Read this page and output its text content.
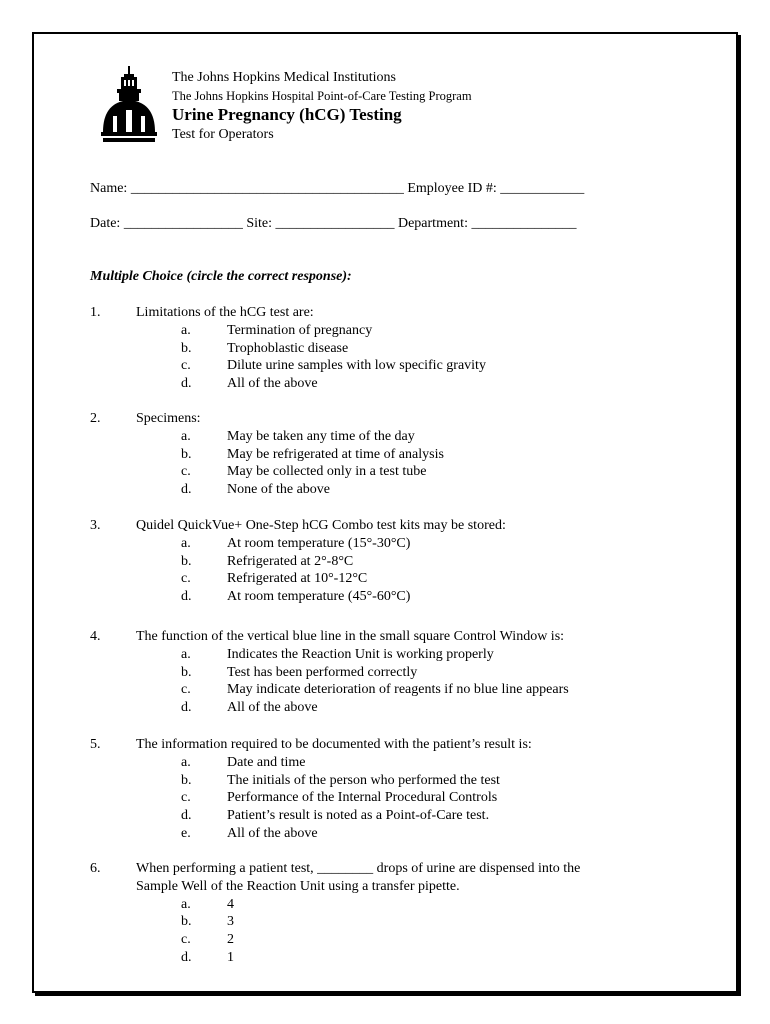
The Johns Hopkins Medical Institutions
The Johns Hopkins Hospital Point-of-Care Testing Program
Urine Pregnancy (hCG) Testing
Test for Operators
Name: _______________________________________ Employee ID #: ____________
Date: _________________ Site: _________________ Department: _______________
Multiple Choice (circle the correct response):
1.	Limitations of the hCG test are:
a.	Termination of pregnancy
b.	Trophoblastic disease
c.	Dilute urine samples with low specific gravity
d.	All of the above
2.	Specimens:
a.	May be taken any time of the day
b.	May be refrigerated at time of analysis
c.	May be collected only in a test tube
d.	None of the above
3.	Quidel QuickVue+ One-Step hCG Combo test kits may be stored:
a.	At room temperature (15°-30°C)
b.	Refrigerated at 2°-8°C
c.	Refrigerated at 10°-12°C
d.	At room temperature (45°-60°C)
4.	The function of the vertical blue line in the small square Control Window is:
a.	Indicates the Reaction Unit is working properly
b.	Test has been performed correctly
c.	May indicate deterioration of reagents if no blue line appears
d.	All of the above
5.	The information required to be documented with the patient’s result is:
a.	Date and time
b.	The initials of the person who performed the test
c.	Performance of the Internal Procedural Controls
d.	Patient’s result is noted as a Point-of-Care test.
e.	All of the above
6.	When performing a patient test, ________ drops of urine are dispensed into the
Sample Well of the Reaction Unit using a transfer pipette.
a.	4
b.	3
c.	2
d.	1
